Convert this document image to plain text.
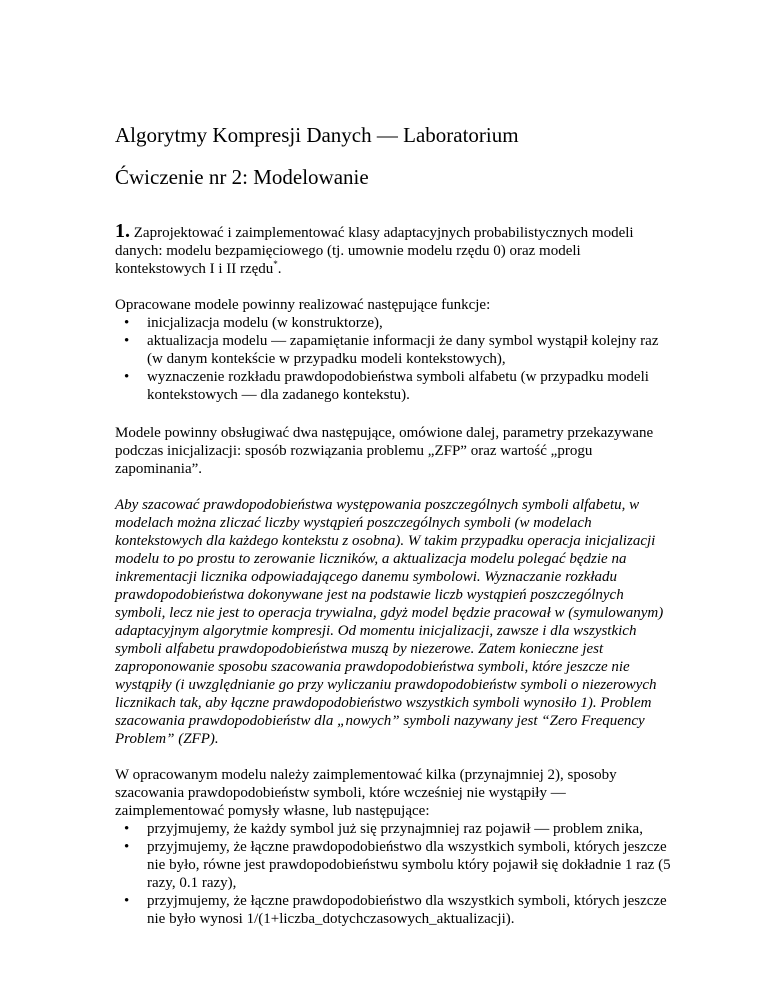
Algorytmy Kompresji Danych — Laboratorium
Ćwiczenie nr 2: Modelowanie

1. Zaprojektować i zaimplementować klasy adaptacyjnych probabilistycznych modeli danych: modelu bezpamięciowego (tj. umownie modelu rzędu 0) oraz modeli kontekstowych I i II rzędu*.

Opracowane modele powinny realizować następujące funkcje:

• inicjalizacja modelu (w konstruktorze),
• aktualizacja modelu — zapamiętanie informacji że dany symbol wystąpił kolejny raz (w danym kontekście w przypadku modeli kontekstowych),
• wyznaczenie rozkładu prawdopodobieństwa symboli alfabetu (w przypadku modeli kontekstowych — dla zadanego kontekstu).

Modele powinny obsługiwać dwa następujące, omówione dalej, parametry przekazywane podczas inicjalizacji: sposób rozwiązania problemu „ZFP” oraz wartość „progu zapominania”.

Aby szacować prawdopodobieństwa występowania poszczególnych symboli alfabetu, w modelach można zliczać liczby wystąpień poszczególnych symboli (w modelach kontekstowych dla każdego kontekstu z osobna). W takim przypadku operacja inicjalizacji modelu to po prostu to zerowanie liczników, a aktualizacja modelu polegać będzie na inkrementacji licznika odpowiadającego danemu symbolowi. Wyznaczanie rozkładu prawdopodobieństwa dokonywane jest na podstawie liczb wystąpień poszczególnych symboli, lecz nie jest to operacja trywialna, gdyż model będzie pracował w (symulowanym) adaptacyjnym algorytmie kompresji. Od momentu inicjalizacji, zawsze i dla wszystkich symboli alfabetu prawdopodobieństwa muszą by niezerowe. Zatem konieczne jest zaproponowanie sposobu szacowania prawdopodobieństwa symboli, które jeszcze nie wystąpiły (i uwzględnianie go przy wyliczaniu prawdopodobieństw symboli o niezerowych licznikach tak, aby łączne prawdopodobieństwo wszystkich symboli wynosiło 1). Problem szacowania prawdopodobieństw dla „nowych” symboli nazywany jest “Zero Frequency Problem” (ZFP).

W opracowanym modelu należy zaimplementować kilka (przynajmniej 2), sposoby szacowania prawdopodobieństw symboli, które wcześniej nie wystąpiły — zaimplementować pomysły własne, lub następujące:

• przyjmujemy, że każdy symbol już się przynajmniej raz pojawił — problem znika,
• przyjmujemy, że łączne prawdopodobieństwo dla wszystkich symboli, których jeszcze nie było, równe jest prawdopodobieństwu symbolu który pojawił się dokładnie 1 raz (5 razy, 0.1 razy),
• przyjmujemy, że łączne prawdopodobieństwo dla wszystkich symboli, których jeszcze nie było wynosi 1/(1+liczba_dotychczasowych_aktualizacji).
